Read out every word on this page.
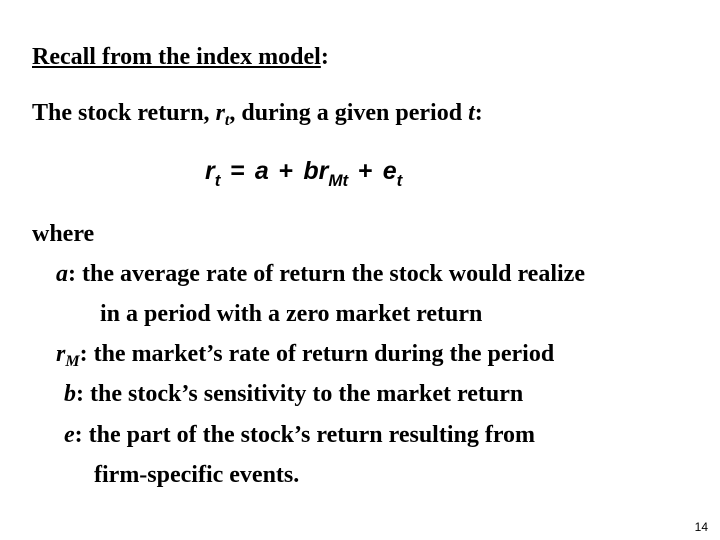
Recall from the index model:
The stock return, $r_t$, during a given period t:
$r_t = a + br_{Mt} + e_t$
where
a: the average rate of return the stock would realize
in a period with a zero market return
$r_M$: the market’s rate of return during the period
b: the stock’s sensitivity to the market return
e: the part of the stock’s return resulting from
firm-specific events.
14
